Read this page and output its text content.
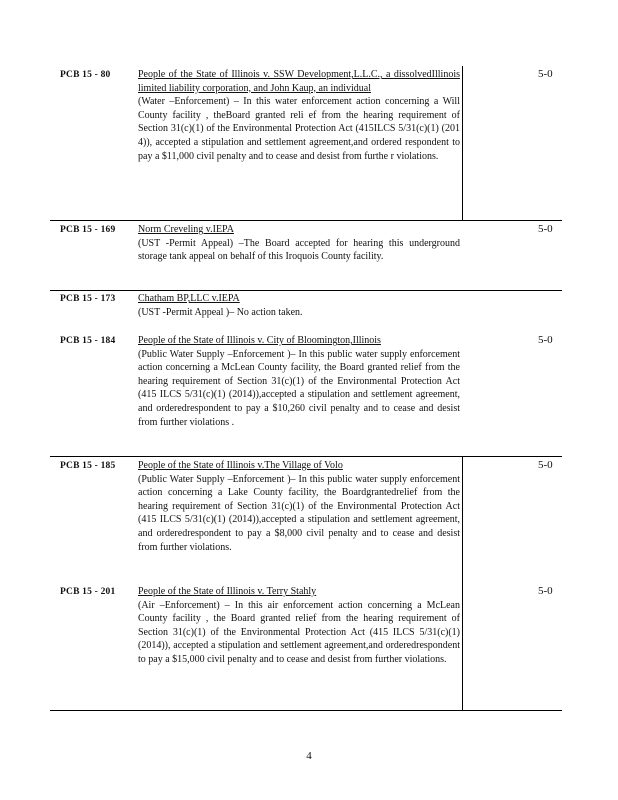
PCB 15 - 80	People of the State of Illinois v. SSW Development,L.L.C., a dissolvedIllinois limited liability corporation, and John Kaup, an individual
(Water –Enforcement) – In this water enforcement action concerning a Will County facility , theBoard granted reli ef from the hearing requirement of Section 31(c)(1) of the Environmental Protection Act (415ILCS 5/31(c)(1) (201 4)), accepted a stipulation and settlement agreement,and ordered respondent to pay a $11,000 civil penalty and to cease and desist from furthe r violations.
5-0
PCB 15 - 169 Norm Creveling v.IEPA
(UST -Permit Appeal) –The Board accepted for hearing this underground storage tank appeal on behalf of this Iroquois County facility.
5-0
PCB 15 - 173 Chatham BP,LLC v.IEPA
(UST -Permit Appeal )– No action taken.
PCB 15 - 184 People of the State of Illinois v. City of Bloomington,Illinois
(Public Water Supply –Enforcement )– In this public water supply enforcement action concerning a McLean County facility, the Board granted relief from the hearing requirement of Section 31(c)(1) of the Environmental Protection Act (415 ILCS 5/31(c)(1) (2014)),accepted a stipulation and settlement agreement, and orderedrespondent to pay a $10,260 civil penalty and to cease and desist from further violations .
5-0
PCB 15 - 185 People of the State of Illinois v.The Village of Volo
(Public Water Supply –Enforcement )– In this public water supply enforcement action concerning a Lake County facility, the Boardgrantedrelief from the hearing requirement of Section 31(c)(1) of the Environmental Protection Act (415 ILCS 5/31(c)(1) (2014)),accepted a stipulation and settlement agreement, and orderedrespondent to pay a $8,000 civil penalty and to cease and desist from further violations.
5-0
PCB 15 - 201 People of the State of Illinois v. Terry Stahly
(Air –Enforcement) – In this air enforcement action concerning a McLean County facility , the Board granted relief from the hearing requirement of Section 31(c)(1) of the Environmental Protection Act (415 ILCS 5/31(c)(1) (2014)), accepted a stipulation and settlement agreement,and orderedrespondent to pay a $15,000 civil penalty and to cease and desist from further violations.
5-0
4
